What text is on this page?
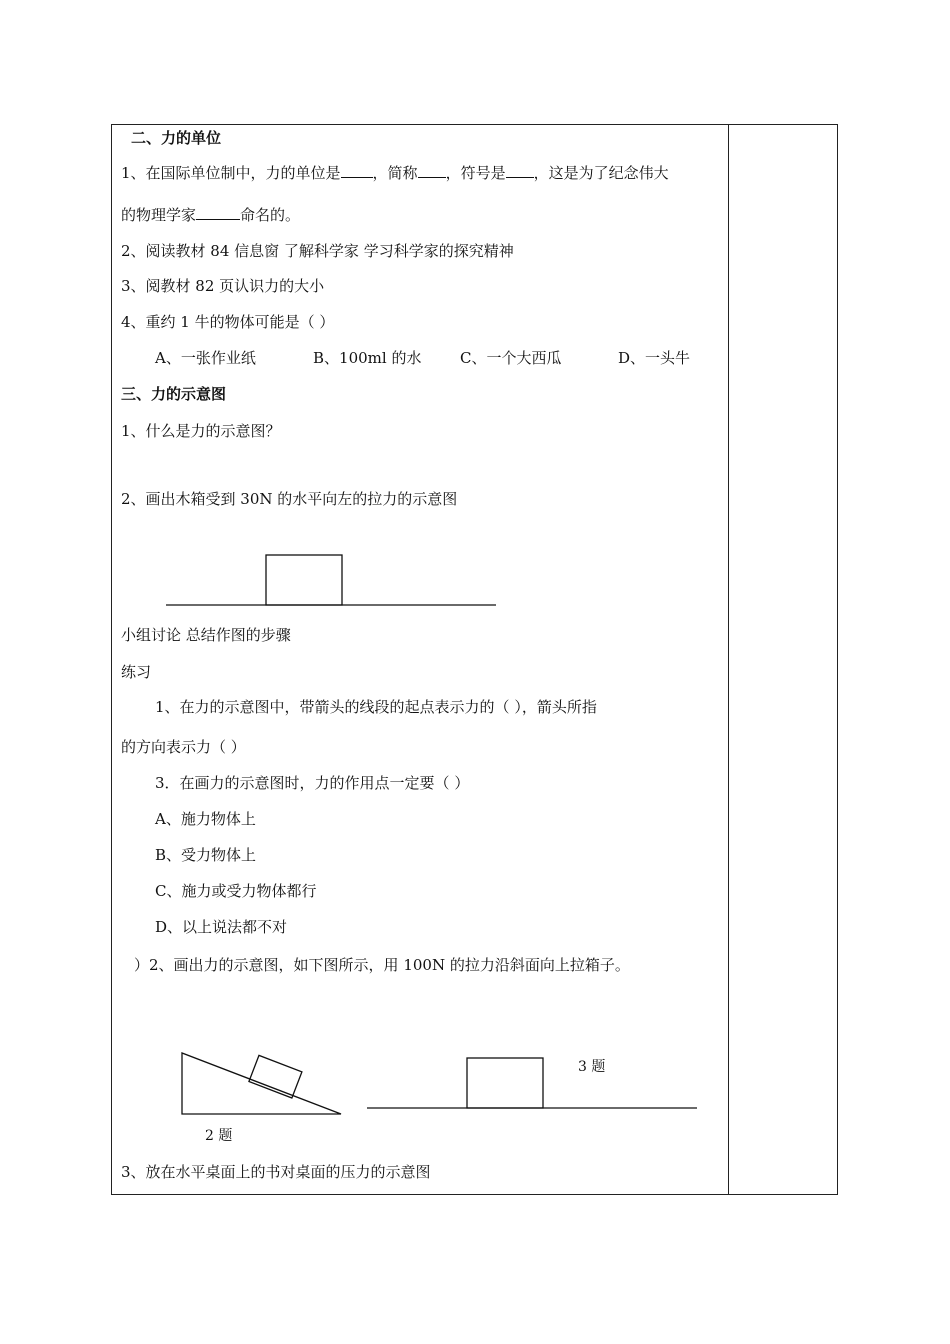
二、力的单位
1、在国际单位制中，力的单位是 ，简称 ，符号是 ，这是为了纪念伟大
的物理学家	命名的。
2、阅读教材 84 信息窗 了解科学家 学习科学家的探究精神
3、阅教材 82 页认识力的大小
4、重约 1 牛的物体可能是（ ）
A、一张作业纸	B、100ml 的水	C、一个大西瓜	D、一头牛
三、力的示意图
1、什么是力的示意图？
2、画出木箱受到 30N 的水平向左的拉力的示意图
小组讨论 总结作图的步骤
练习
1、在力的示意图中，带箭头的线段的起点表示力的（ ），箭头所指
的方向表示力（ ）
3．在画力的示意图时，力的作用点一定要（ ）
A、施力物体上
B、受力物体上
C、施力或受力物体都行
D、以上说法都不对
）2、画出力的示意图，如下图所示，用 100N 的拉力沿斜面向上拉箱子。
3 题
2 题
3、放在水平桌面上的书对桌面的压力的示意图
